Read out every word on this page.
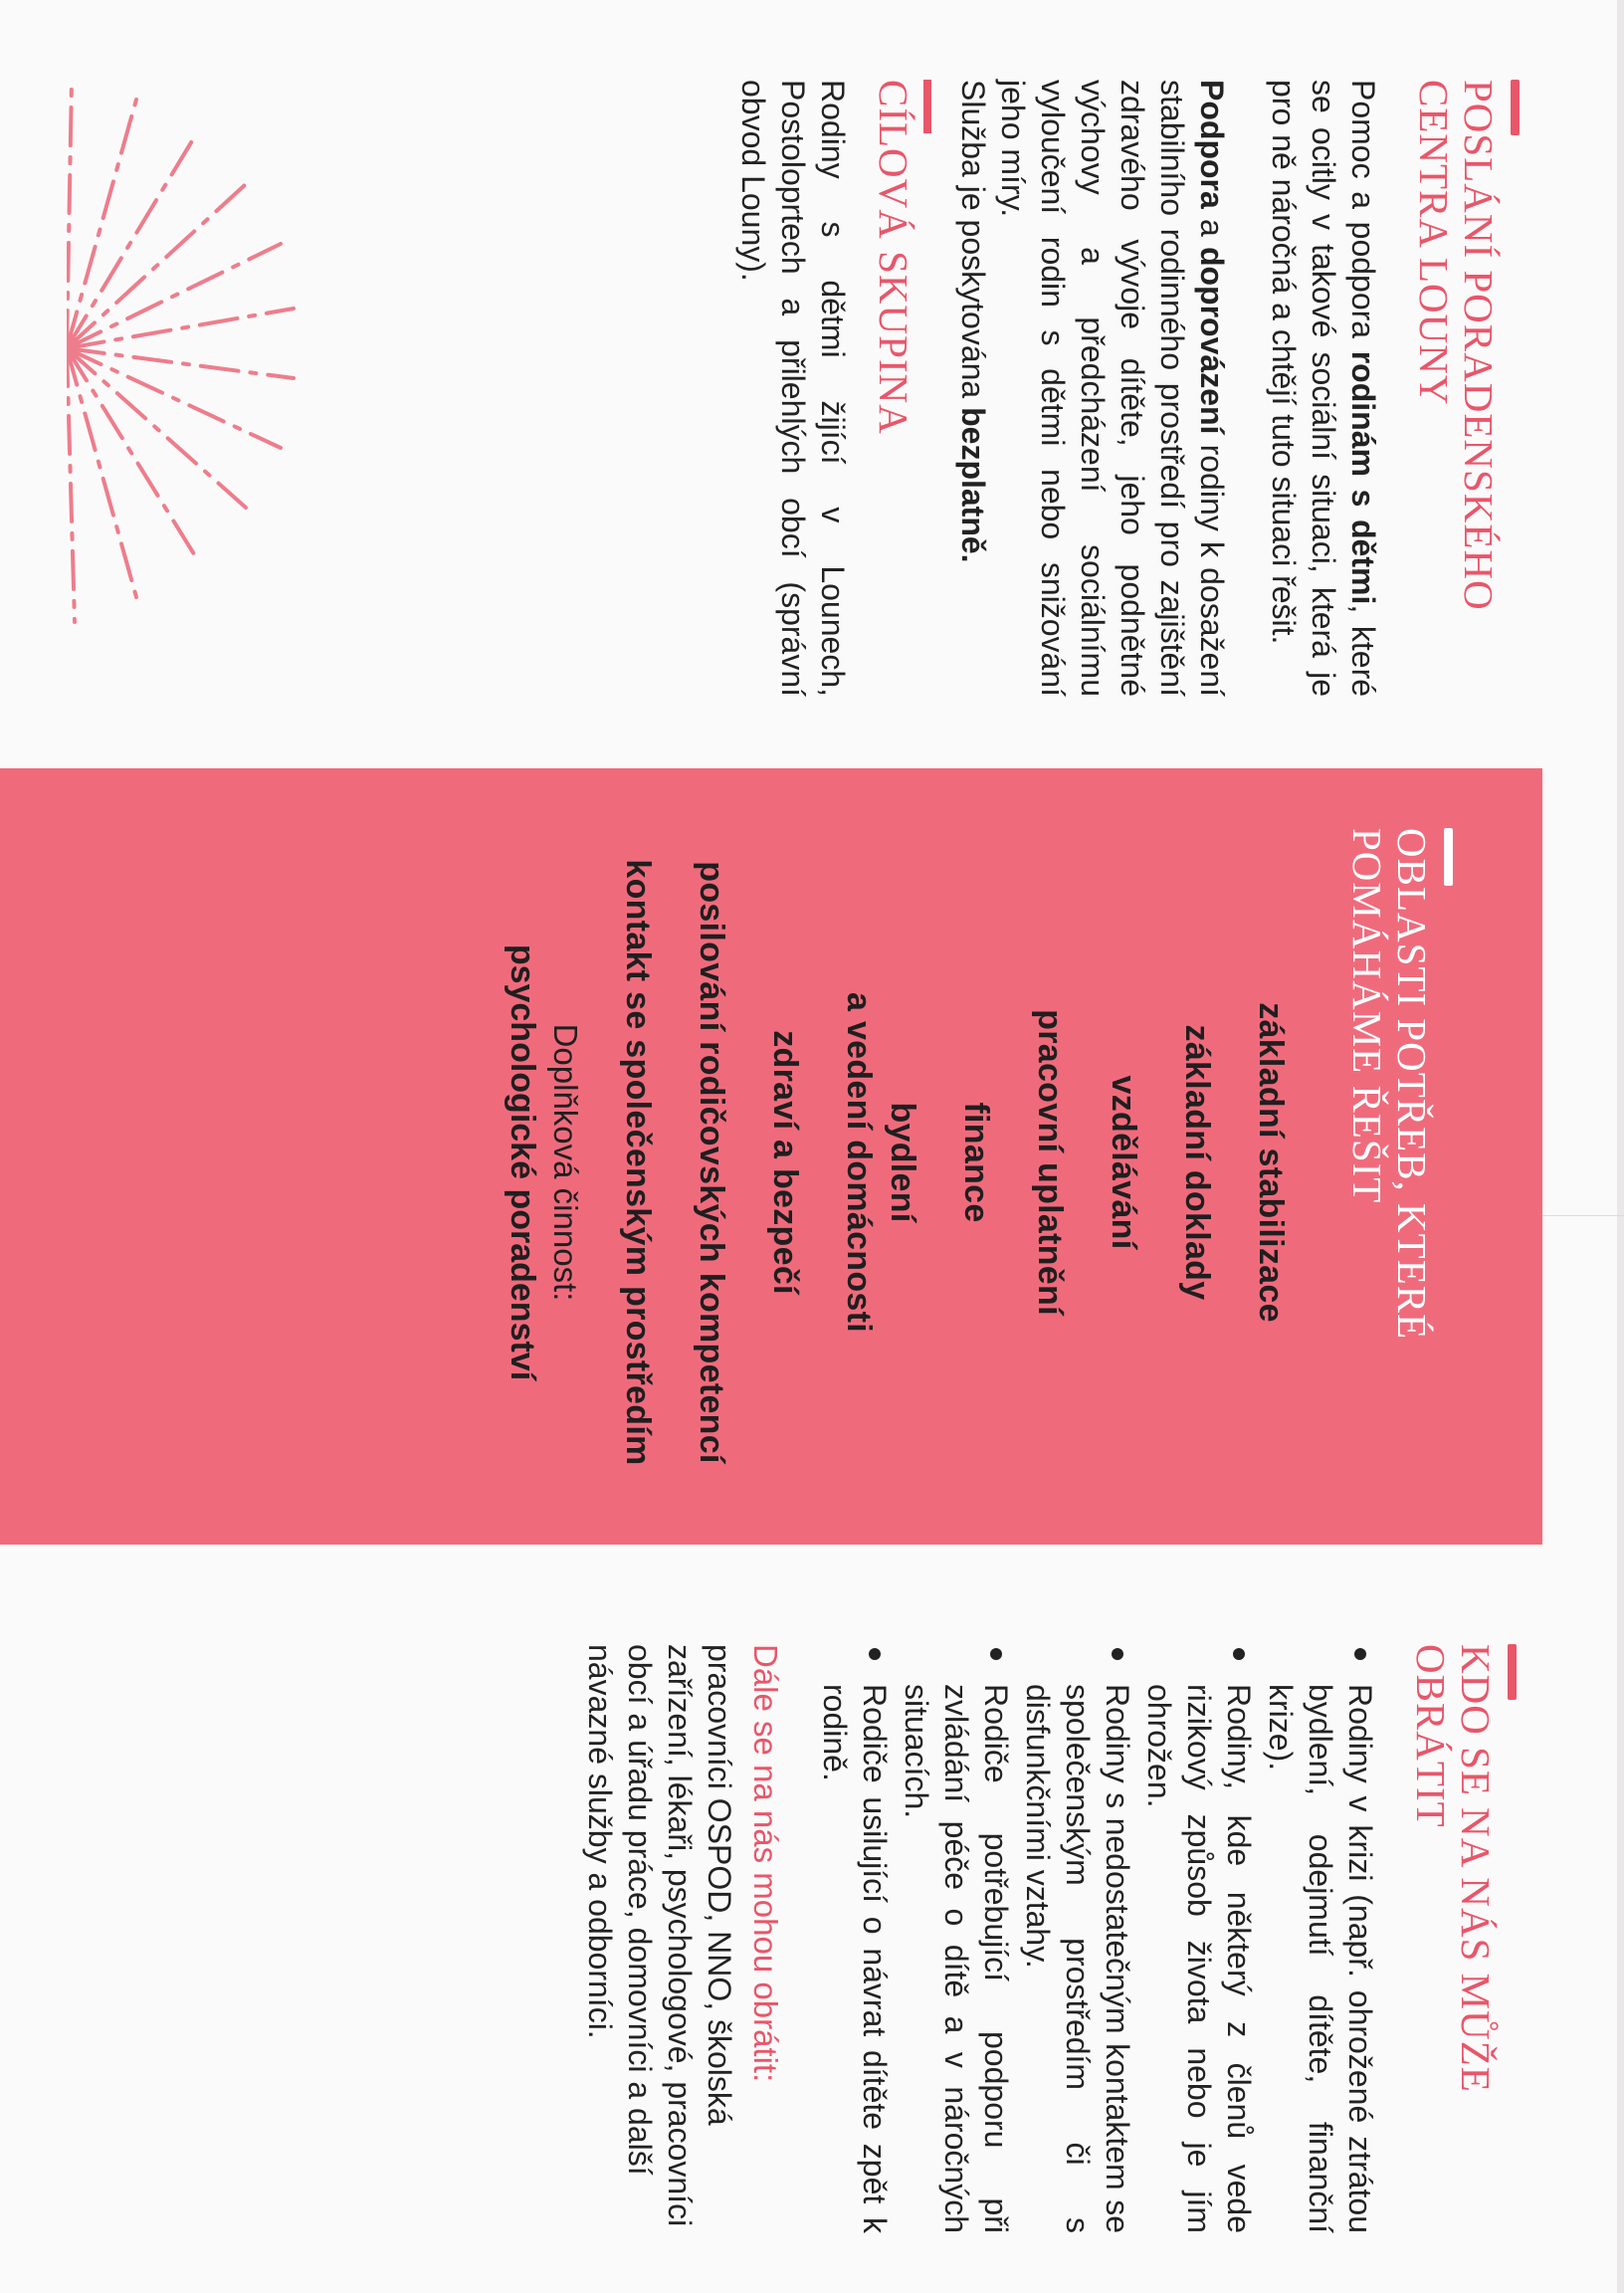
POSLÁNÍ PORADENSKÉHO CENTRA LOUNY

Pomoc a podpora rodinám s dětmi, které se ocitly v takové sociální situaci, která je pro ně náročná a chtějí tuto situaci řešit.

Podpora a doprovázení rodiny k dosažení stabilního rodinného prostředí pro zajištění zdravého vývoje dítěte, jeho podnětné výchovy a předcházení sociálnímu vyloučení rodin s dětmi nebo snižování jeho míry.

Služba je poskytována bezplatně.

CÍLOVÁ SKUPINA

Rodiny s dětmi žijící v Lounech, Postoloprtech a přilehlých obcí (správní obvod Louny).

OBLASTI POTŘEB, KTERÉ POMÁHÁME ŘEŠIT
základní stabilizace
základní doklady
vzdělávání
pracovní uplatnění
finance
bydlení
a vedení domácnosti
zdraví a bezpečí
posilování rodičovských kompetencí
kontakt se společenským prostředím
Doplňková činnost:
psychologické poradenství
KDO SE NA NÁS MŮŽE OBRÁTIT
Rodiny v krizi (např. ohrožené ztrátou bydlení, odejmutí dítěte, finanční krize).
Rodiny, kde některý z členů vede rizikový způsob života nebo je jím ohrožen.
Rodiny s nedostatečným kontaktem se společenským prostředím či s disfunkčními vztahy.
Rodiče potřebující podporu při zvládání péče o dítě a v náročných situacích.
Rodiče usilující o návrat dítěte zpět k rodině.
Dále se na nás mohou obrátit:

pracovníci OSPOD, NNO, školská zařízení, lékaři, psychologové, pracovníci obcí a úřadu práce, domovníci a další návazné služby a odborníci.
